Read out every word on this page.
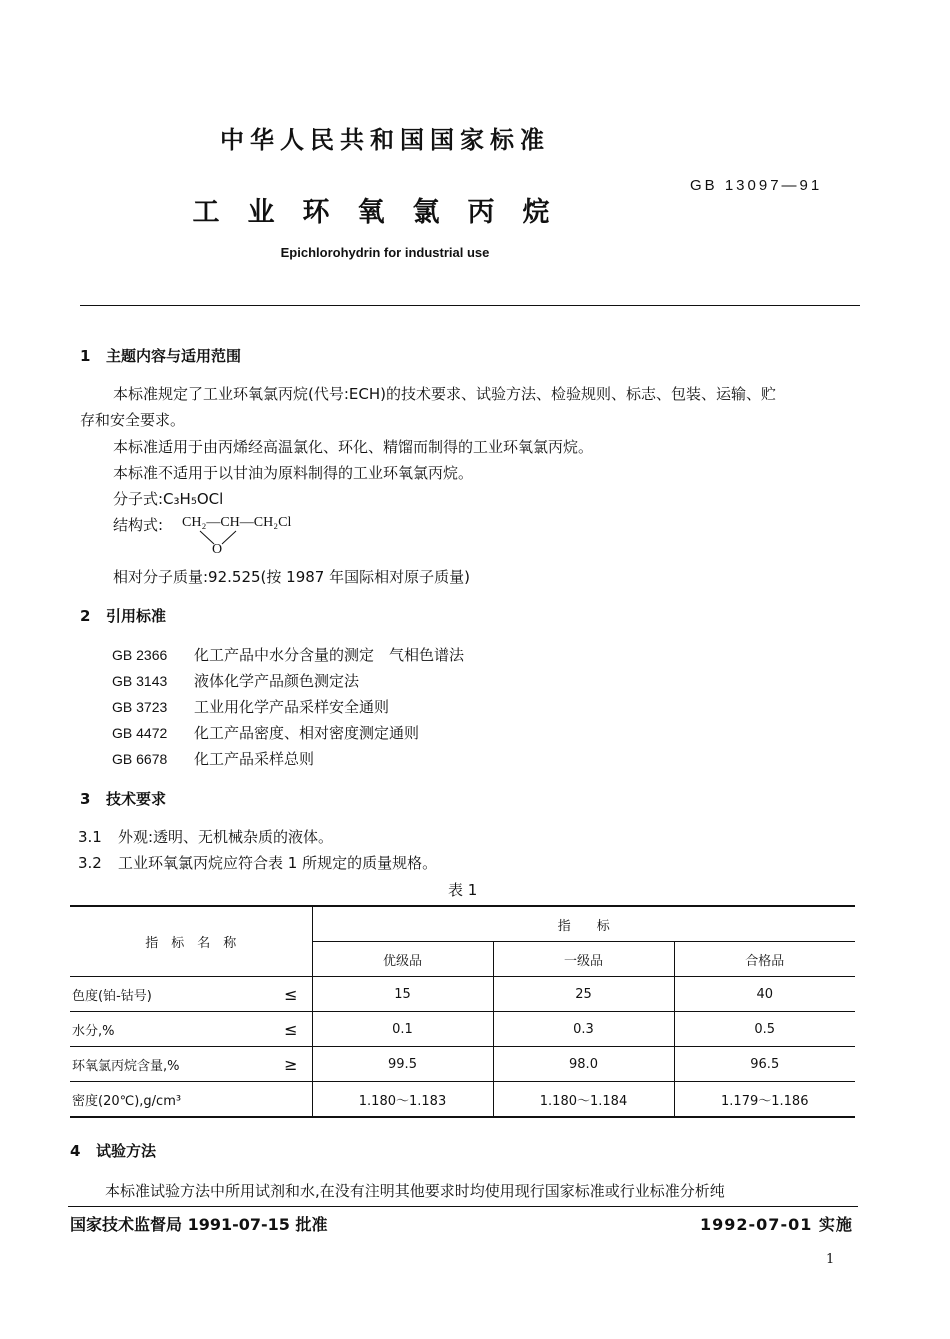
中华人民共和国国家标准
GB 13097—91
工业环氧氯丙烷
Epichlorohydrin for industrial use
1 主题内容与适用范围
本标准规定了工业环氧氯丙烷(代号:ECH)的技术要求、试验方法、检验规则、标志、包装、运输、贮
存和安全要求。
本标准适用于由丙烯经高温氯化、环化、精馏而制得的工业环氧氯丙烷。
本标准不适用于以甘油为原料制得的工业环氧氯丙烷。
分子式:C₃H₅OCl
结构式: CH₂—CH—CH₂Cl
O
相对分子质量:92.525(按 1987 年国际相对原子质量)
2 引用标准
GB 2366 化工产品中水分含量的测定　气相色谱法
GB 3143 液体化学产品颜色测定法
GB 3723 工业用化学产品采样安全通则
GB 4472 化工产品密度、相对密度测定通则
GB 6678 化工产品采样总则
3 技术要求
3.1 外观:透明、无机械杂质的液体。
3.2 工业环氧氯丙烷应符合表 1 所规定的质量规格。
表 1
指　标　名　称		指　　标		
		优级品	一级品	合格品
色度(铂-钴号)	≤	15	25	40
水分,%	≤	0.1	0.3	0.5
环氧氯丙烷含量,%	≥	99.5	98.0	96.5
密度(20℃),g/cm³		1.180～1.183	1.180～1.184	1.179～1.186
4 试验方法
本标准试验方法中所用试剂和水,在没有注明其他要求时均使用现行国家标准或行业标准分析纯
国家技术监督局 1991-07-15 批准	1992-07-01 实施
1
